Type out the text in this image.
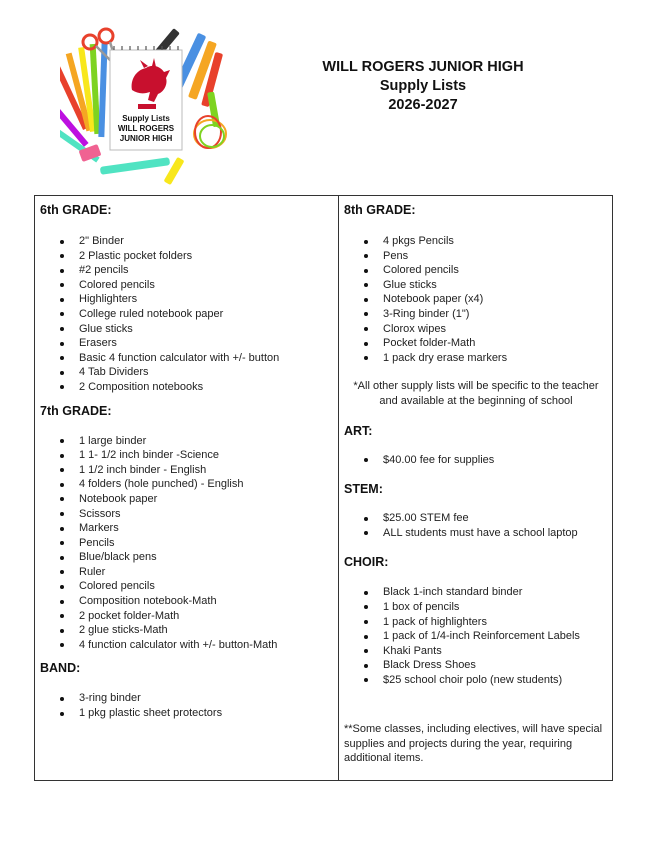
Supply Lists
WILL ROGERS
JUNIOR HIGH
WILL ROGERS JUNIOR HIGH
Supply Lists
2026-2027

6th GRADE:

2" Binder
2 Plastic pocket folders
#2 pencils
Colored pencils
Highlighters
College ruled notebook paper
Glue sticks
Erasers
Basic 4 function calculator with +/- button
4 Tab Dividers
2 Composition notebooks

7th GRADE:

1 large binder
1 1- 1/2 inch binder -Science
1 1/2 inch binder - English
4 folders (hole punched) - English
Notebook paper
Scissors
Markers
Pencils
Blue/black pens
Ruler
Colored pencils
Composition notebook-Math
2 pocket folder-Math
2 glue sticks-Math
4 function calculator with +/- button-Math

BAND:

3-ring binder
1 pkg plastic sheet protectors

8th GRADE:

4 pkgs Pencils
Pens
Colored pencils
Glue sticks
Notebook paper (x4)
3-Ring binder (1")
Clorox wipes
Pocket folder-Math
1 pack dry erase markers
*All other supply lists will be specific to the teacher
and available at the beginning of school

ART:

$40.00 fee for supplies

STEM:

$25.00 STEM fee
ALL students must have a school laptop

CHOIR:

Black 1-inch standard binder
1 box of pencils
1 pack of highlighters
1 pack of 1/4-inch Reinforcement Labels
Khaki Pants
Black Dress Shoes
$25 school choir polo (new students)
**Some classes, including electives, will have special
supplies and projects during the year, requiring
additional items.
